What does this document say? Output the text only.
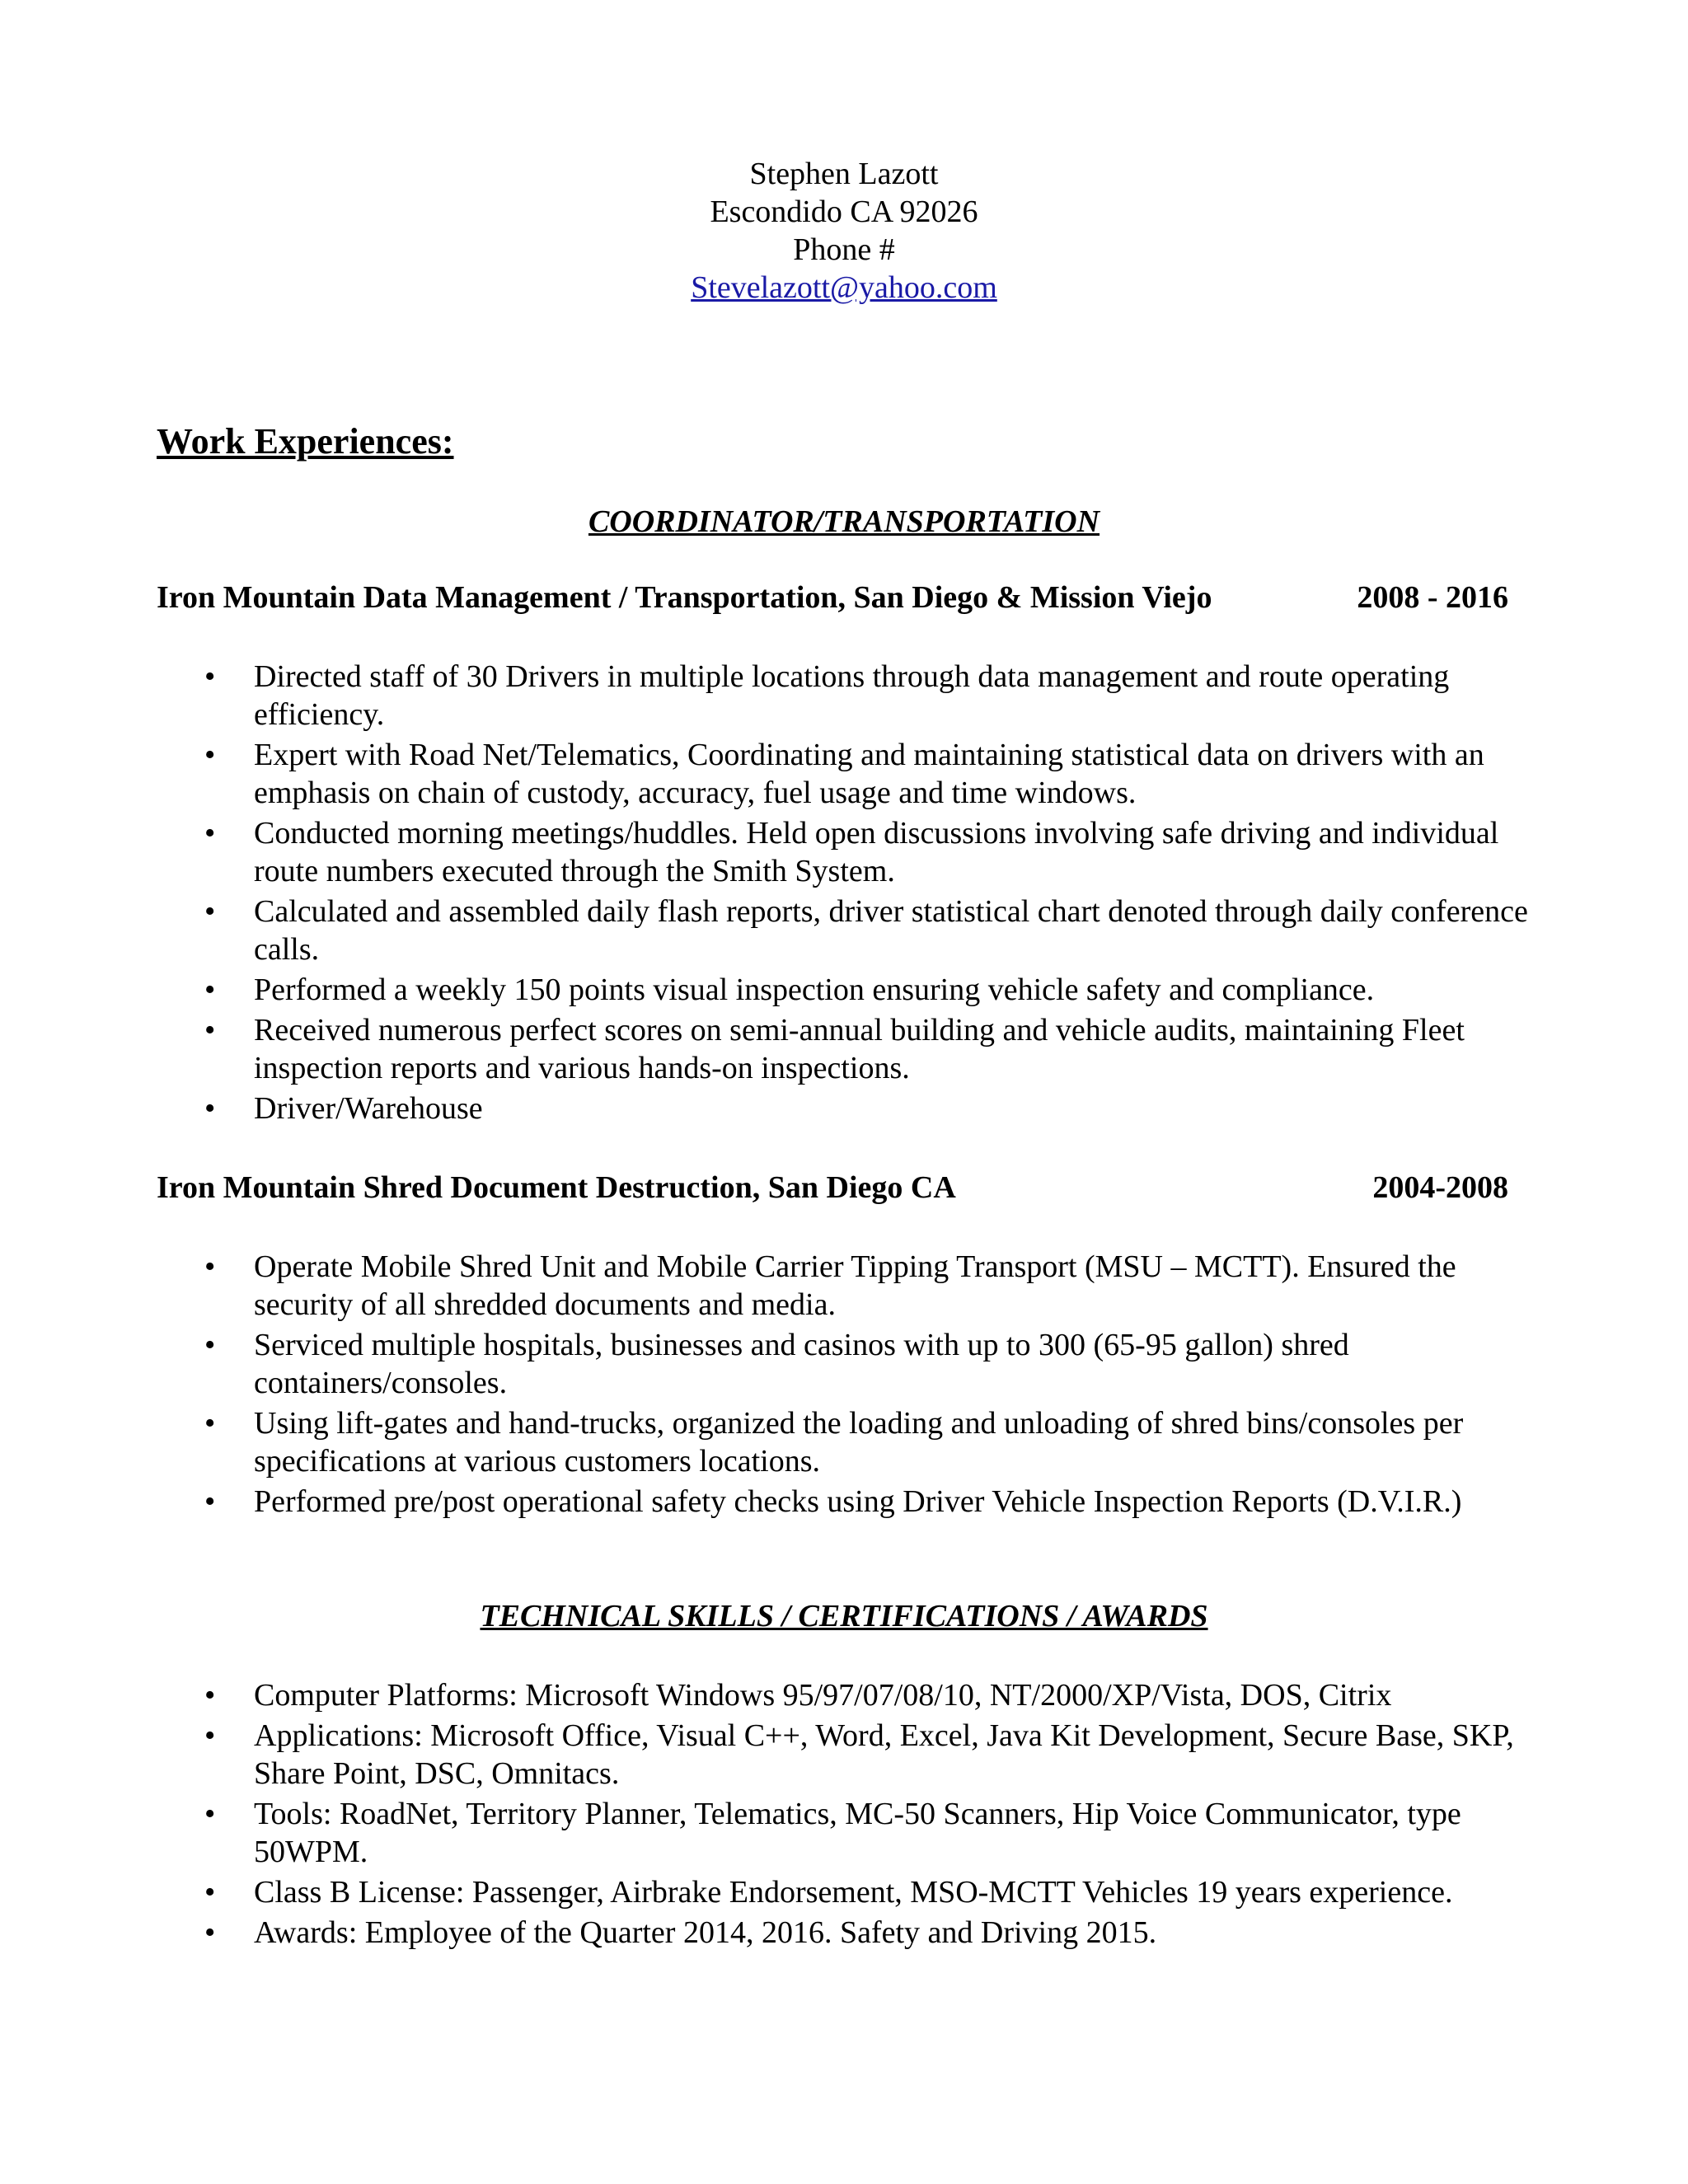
Stephen Lazott

Escondido CA 92026

Phone #

Stevelazott@yahoo.com

Work Experiences:
COORDINATOR/TRANSPORTATION
Iron Mountain Data Management / Transportation, San Diego & Mission Viejo	2008 - 2016
• Directed staff of 30 Drivers in multiple locations through data management and route operating efficiency.
• Expert with Road Net/Telematics, Coordinating and maintaining statistical data on drivers with an emphasis on chain of custody, accuracy, fuel usage and time windows.
• Conducted morning meetings/huddles. Held open discussions involving safe driving and individual route numbers executed through the Smith System.
• Calculated and assembled daily flash reports, driver statistical chart denoted through daily conference calls.
• Performed a weekly 150 points visual inspection ensuring vehicle safety and compliance.
• Received numerous perfect scores on semi-annual building and vehicle audits, maintaining Fleet inspection reports and various hands-on inspections.
• Driver/Warehouse
Iron Mountain Shred Document Destruction, San Diego CA	2004-2008
• Operate Mobile Shred Unit and Mobile Carrier Tipping Transport (MSU – MCTT). Ensured the security of all shredded documents and media.
• Serviced multiple hospitals, businesses and casinos with up to 300 (65-95 gallon) shred containers/consoles.
• Using lift-gates and hand-trucks, organized the loading and unloading of shred bins/consoles per specifications at various customers locations.
• Performed pre/post operational safety checks using Driver Vehicle Inspection Reports (D.V.I.R.)
TECHNICAL SKILLS / CERTIFICATIONS / AWARDS
• Computer Platforms: Microsoft Windows 95/97/07/08/10, NT/2000/XP/Vista, DOS, Citrix
• Applications: Microsoft Office, Visual C++, Word, Excel, Java Kit Development, Secure Base, SKP, Share Point, DSC, Omnitacs.
• Tools: RoadNet, Territory Planner, Telematics, MC-50 Scanners, Hip Voice Communicator, type 50WPM.
• Class B License: Passenger, Airbrake Endorsement, MSO-MCTT Vehicles 19 years experience.
• Awards: Employee of the Quarter 2014, 2016. Safety and Driving 2015.
